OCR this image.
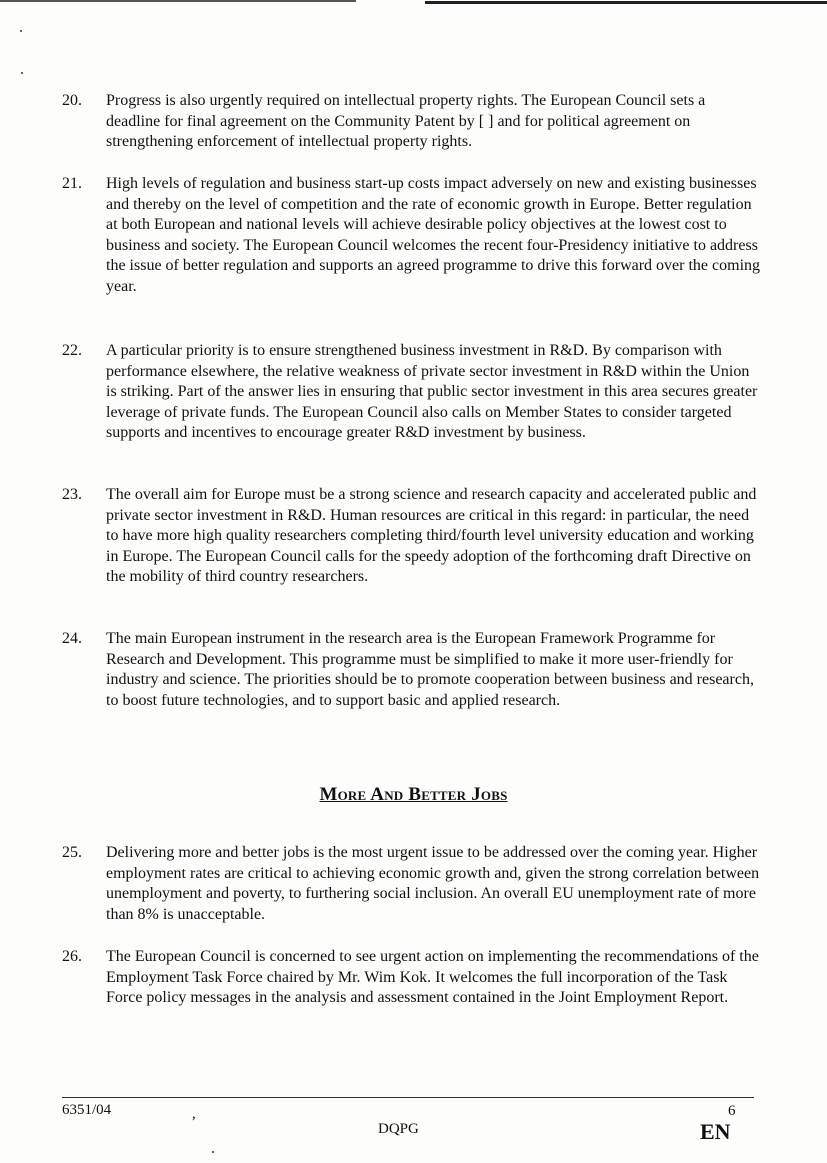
20.	Progress is also urgently required on intellectual property rights. The European Council sets a deadline for final agreement on the Community Patent by [ ] and for political agreement on strengthening enforcement of intellectual property rights.
21.	High levels of regulation and business start-up costs impact adversely on new and existing businesses and thereby on the level of competition and the rate of economic growth in Europe. Better regulation at both European and national levels will achieve desirable policy objectives at the lowest cost to business and society. The European Council welcomes the recent four-Presidency initiative to address the issue of better regulation and supports an agreed programme to drive this forward over the coming year.
22.	A particular priority is to ensure strengthened business investment in R&D. By comparison with performance elsewhere, the relative weakness of private sector investment in R&D within the Union is striking. Part of the answer lies in ensuring that public sector investment in this area secures greater leverage of private funds. The European Council also calls on Member States to consider targeted supports and incentives to encourage greater R&D investment by business.
23.	The overall aim for Europe must be a strong science and research capacity and accelerated public and private sector investment in R&D. Human resources are critical in this regard: in particular, the need to have more high quality researchers completing third/fourth level university education and working in Europe. The European Council calls for the speedy adoption of the forthcoming draft Directive on the mobility of third country researchers.
24.	The main European instrument in the research area is the European Framework Programme for Research and Development. This programme must be simplified to make it more user-friendly for industry and science. The priorities should be to promote cooperation between business and research, to boost future technologies, and to support basic and applied research.
More And Better Jobs
25.	Delivering more and better jobs is the most urgent issue to be addressed over the coming year. Higher employment rates are critical to achieving economic growth and, given the strong correlation between unemployment and poverty, to furthering social inclusion. An overall EU unemployment rate of more than 8% is unacceptable.
26.	The European Council is concerned to see urgent action on implementing the recommendations of the Employment Task Force chaired by Mr. Wim Kok. It welcomes the full incorporation of the Task Force policy messages in the analysis and assessment contained in the Joint Employment Report.
6351/04	,	6
DQPG	EN
